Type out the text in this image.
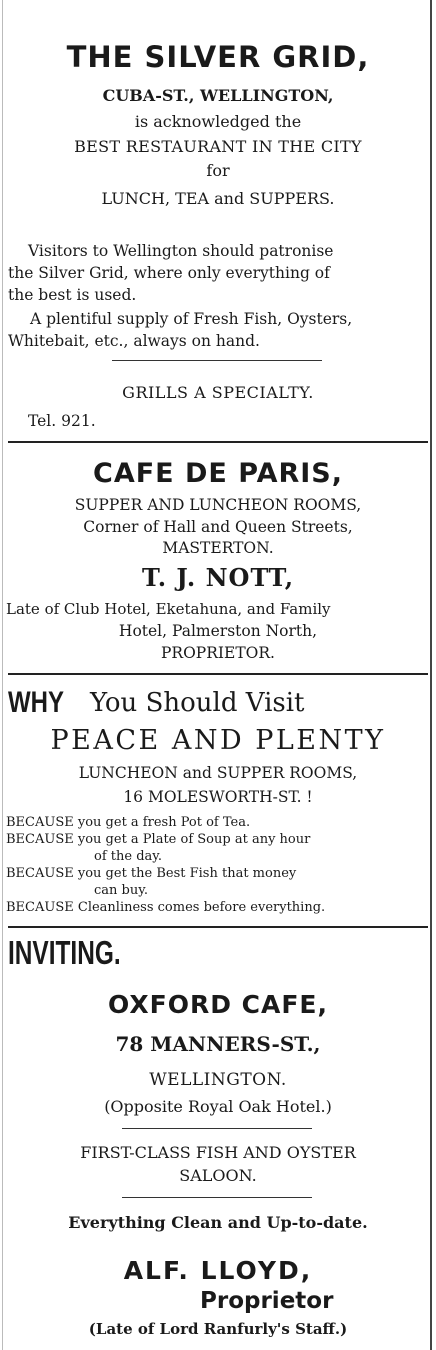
THE SILVER GRID,
CUBA-ST., WELLINGTON,
is acknowledged the
BEST RESTAURANT IN THE CITY
for
LUNCH, TEA and SUPPERS.
Visitors to Wellington should patronise
the Silver Grid, where only everything of
the best is used.
A plentiful supply of Fresh Fish, Oysters,
Whitebait, etc., always on hand.
GRILLS A SPECIALTY.
Tel. 921.
CAFE DE PARIS,
SUPPER AND LUNCHEON ROOMS,
Corner of Hall and Queen Streets,
MASTERTON.
T. J. NOTT,
Late of Club Hotel, Eketahuna, and Family
Hotel, Palmerston North,
PROPRIETOR.
WHY You Should Visit
PEACE AND PLENTY
LUNCHEON and SUPPER ROOMS,
16 MOLESWORTH-ST. !
BECAUSE you get a fresh Pot of Tea.
BECAUSE you get a Plate of Soup at any hour
of the day.
BECAUSE you get the Best Fish that money
can buy.
BECAUSE Cleanliness comes before everything.
INVITING.
OXFORD CAFE,
78 MANNERS-ST.,
WELLINGTON.
(Opposite Royal Oak Hotel.)
FIRST-CLASS FISH AND OYSTER
SALOON.
Everything Clean and Up-to-date.
ALF. LLOYD,
Proprietor
(Late of Lord Ranfurly's Staff.)
